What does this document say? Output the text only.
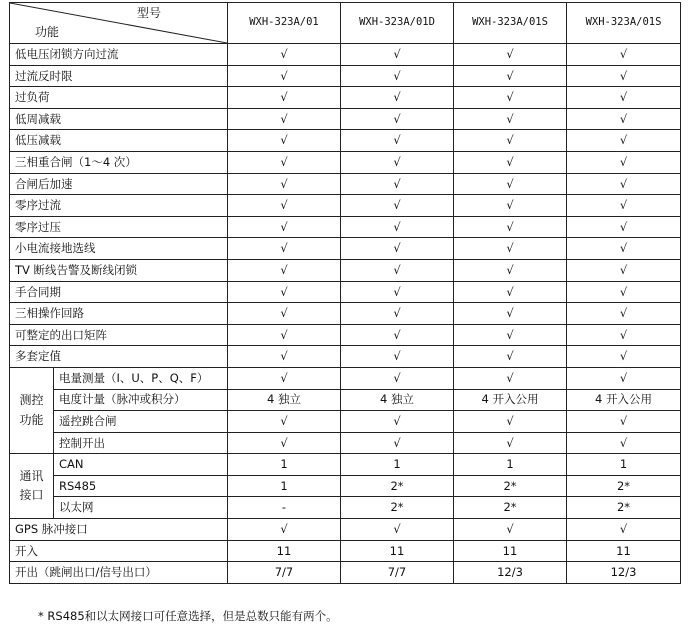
型号
功能		WXH-323A/01	WXH-323A/01D	WXH-323A/01S	WXH-323A/01S
低电压闭锁方向过流		√	√	√	√
过流反时限		√	√	√	√
过负荷		√	√	√	√
低周减载		√	√	√	√
低压减载		√	√	√	√
三相重合闸（1～4 次）		√	√	√	√
合闸后加速		√	√	√	√
零序过流		√	√	√	√
零序过压		√	√	√	√
小电流接地选线		√	√	√	√
TV 断线告警及断线闭锁		√	√	√	√
手合同期		√	√	√	√
三相操作回路		√	√	√	√
可整定的出口矩阵		√	√	√	√
多套定值		√	√	√	√

测控
功能	电量测量（I、U、P、Q、F）	√	√	√	√
	电度计量（脉冲或积分）	4 独立	4 独立	4 开入公用	4 开入公用
	遥控跳合闸	√	√	√	√
	控制开出	√	√	√	√

通讯
接口	CAN	1	1	1	1
	RS485	1	2*	2*	2*
	以太网	-	2*	2*	2*
GPS 脉冲接口		√	√	√	√
开入		11	11	11	11
开出（跳闸出口/信号出口）		7/7	7/7	12/3	12/3
* RS485和以太网接口可任意选择，但是总数只能有两个。
